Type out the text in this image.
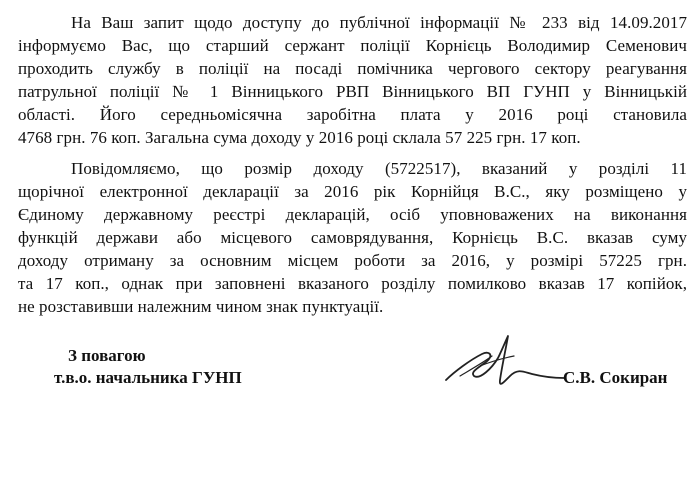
На Ваш запит щодо доступу до публічної інформації № 233 від 14.09.2017
інформуємо Вас, що старший сержант поліції Корнієць Володимир Семенович
проходить службу в поліції на посаді помічника чергового сектору реагування
патрульної поліції № 1 Вінницького РВП Вінницького ВП ГУНП у Вінницькій
області. Його середньомісячна заробітна плата у 2016 році становила
4768 грн. 76 коп. Загальна сума доходу у 2016 році склала 57 225 грн. 17 коп.
Повідомляємо, що розмір доходу (5722517), вказаний у розділі 11
щорічної електронної декларації за 2016 рік Корнійця В.С., яку розміщено у
Єдиному державному реєстрі декларацій, осіб уповноважених на виконання
функцій держави або місцевого самоврядування, Корнієць В.С. вказав суму
доходу отриману за основним місцем роботи за 2016, у розмірі 57225 грн.
та 17 коп., однак при заповнені вказаного розділу помилково вказав 17 копійок,
не розставивши належним чином знак пунктуації.
З повагою
т.в.о. начальника ГУНП	С.В. Сокиран
